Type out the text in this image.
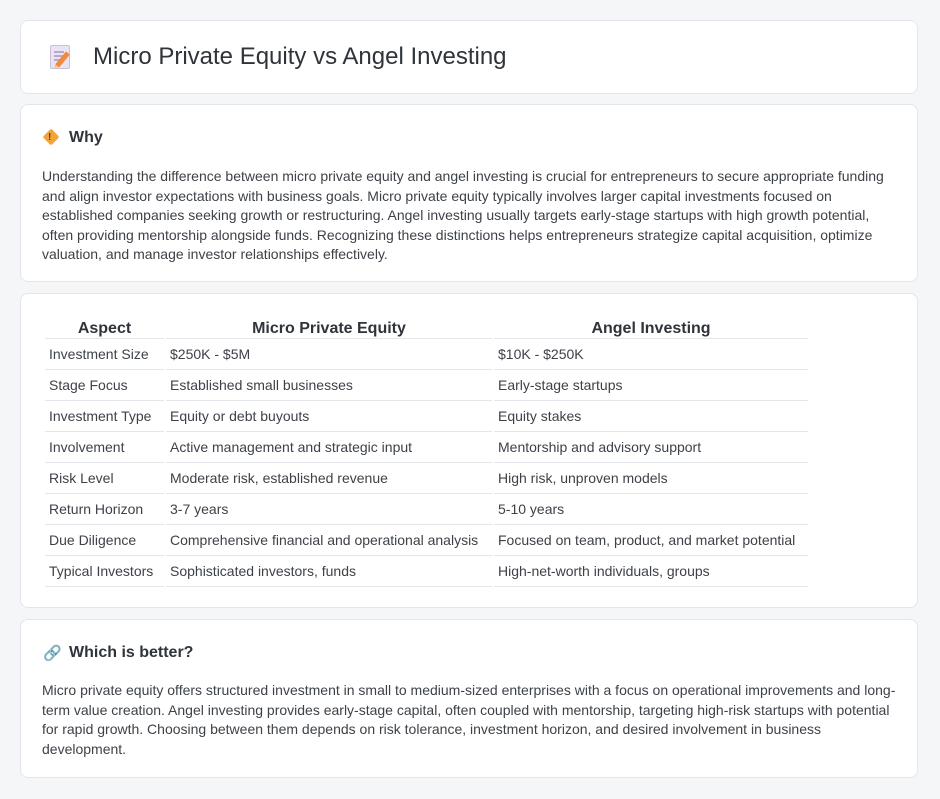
Micro Private Equity vs Angel Investing
! Why

Understanding the difference between micro private equity and angel investing is crucial for entrepreneurs to secure appropriate funding and align investor expectations with business goals. Micro private equity typically involves larger capital investments focused on established companies seeking growth or restructuring. Angel investing usually targets early-stage startups with high growth potential, often providing mentorship alongside funds. Recognizing these distinctions helps entrepreneurs strategize capital acquisition, optimize valuation, and manage investor relationships effectively.

Aspect	Micro Private Equity	Angel Investing
Investment Size	$250K - $5M	$10K - $250K
Stage Focus	Established small businesses	Early-stage startups
Investment Type	Equity or debt buyouts	Equity stakes
Involvement	Active management and strategic input	Mentorship and advisory support
Risk Level	Moderate risk, established revenue	High risk, unproven models
Return Horizon	3-7 years	5-10 years
Due Diligence	Comprehensive financial and operational analysis	Focused on team, product, and market potential
Typical Investors	Sophisticated investors, funds	High-net-worth individuals, groups
🔗 Which is better?

Micro private equity offers structured investment in small to medium-sized enterprises with a focus on operational improvements and long-term value creation. Angel investing provides early-stage capital, often coupled with mentorship, targeting high-risk startups with potential for rapid growth. Choosing between them depends on risk tolerance, investment horizon, and desired involvement in business development.
